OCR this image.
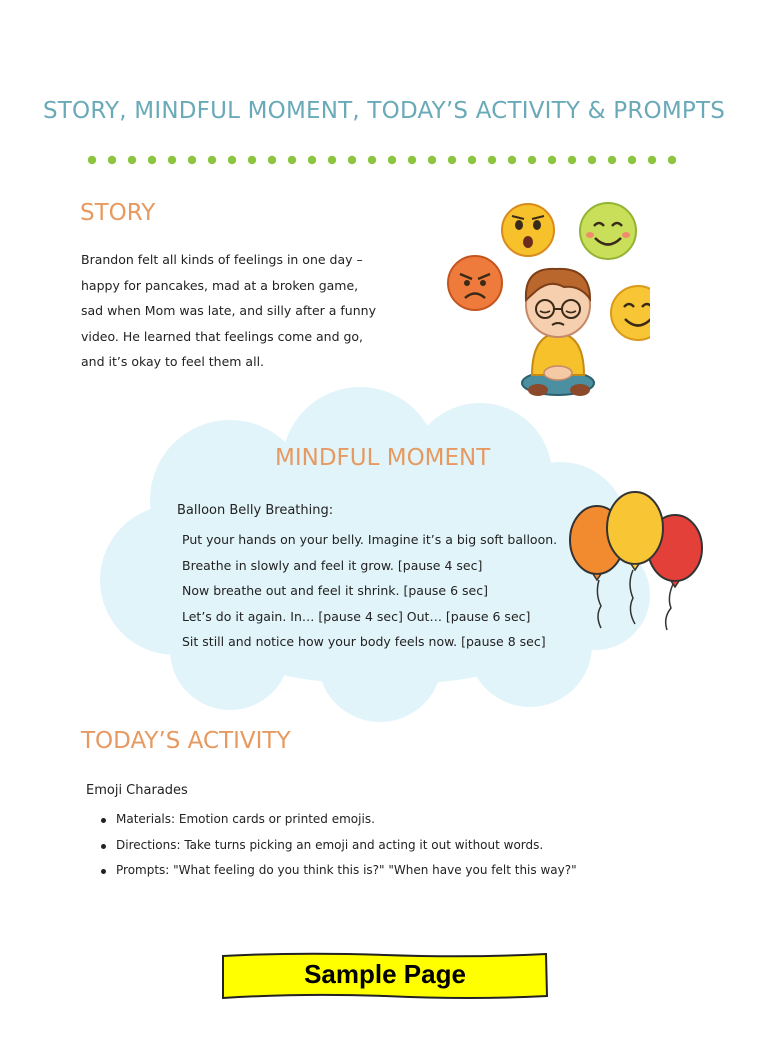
STORY, MINDFUL MOMENT, TODAY’S ACTIVITY & PROMPTS
STORY
Brandon felt all kinds of feelings in one day –
happy for pancakes, mad at a broken game,
sad when Mom was late, and silly after a funny
video. He learned that feelings come and go,
and it’s okay to feel them all.
MINDFUL MOMENT
Balloon Belly Breathing:
Put your hands on your belly. Imagine it’s a big soft balloon.
Breathe in slowly and feel it grow. [pause 4 sec]
Now breathe out and feel it shrink. [pause 6 sec]
Let’s do it again. In… [pause 4 sec] Out… [pause 6 sec]
Sit still and notice how your body feels now. [pause 8 sec]
TODAY’S ACTIVITY
Emoji Charades
Materials: Emotion cards or printed emojis.
Directions: Take turns picking an emoji and acting it out without words.
Prompts: "What feeling do you think this is?" "When have you felt this way?"
Sample Page
